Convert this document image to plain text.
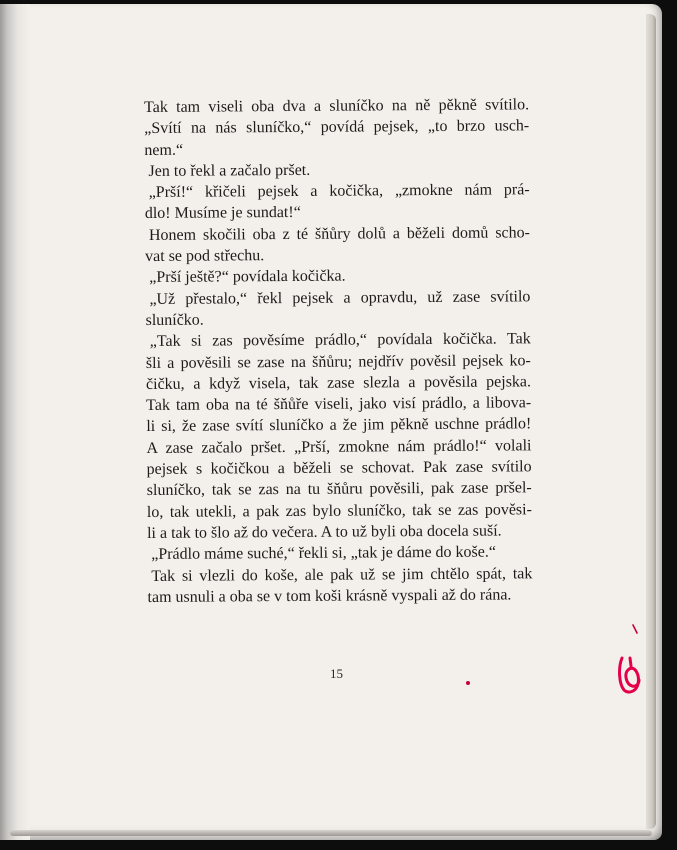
Tak tam viseli oba dva a sluníčko na ně pěkně svítilo.
„Svítí na nás sluníčko,“ povídá pejsek, „to brzo usch-
nem.“
Jen to řekl a začalo pršet.
„Prší!“ křičeli pejsek a kočička, „zmokne nám prá-
dlo! Musíme je sundat!“
Honem skočili oba z té šňůry dolů a běželi domů scho-
vat se pod střechu.
„Prší ještě?“ povídala kočička.
„Už přestalo,“ řekl pejsek a opravdu, už zase svítilo
sluníčko.
„Tak si zas pověsíme prádlo,“ povídala kočička. Tak
šli a pověsili se zase na šňůru; nejdřív pověsil pejsek ko-
čičku, a když visela, tak zase slezla a pověsila pejska.
Tak tam oba na té šňůře viseli, jako visí prádlo, a libova-
li si, že zase svítí sluníčko a že jim pěkně uschne prádlo!
A zase začalo pršet. „Prší, zmokne nám prádlo!“ volali
pejsek s kočičkou a běželi se schovat. Pak zase svítilo
sluníčko, tak se zas na tu šňůru pověsili, pak zase pršel-
lo, tak utekli, a pak zas bylo sluníčko, tak se zas pověsi-
li a tak to šlo až do večera. A to už byli oba docela suší.
„Prádlo máme suché,“ řekli si, „tak je dáme do koše.“
Tak si vlezli do koše, ale pak už se jim chtělo spát, tak
tam usnuli a oba se v tom koši krásně vyspali až do rána.
15
